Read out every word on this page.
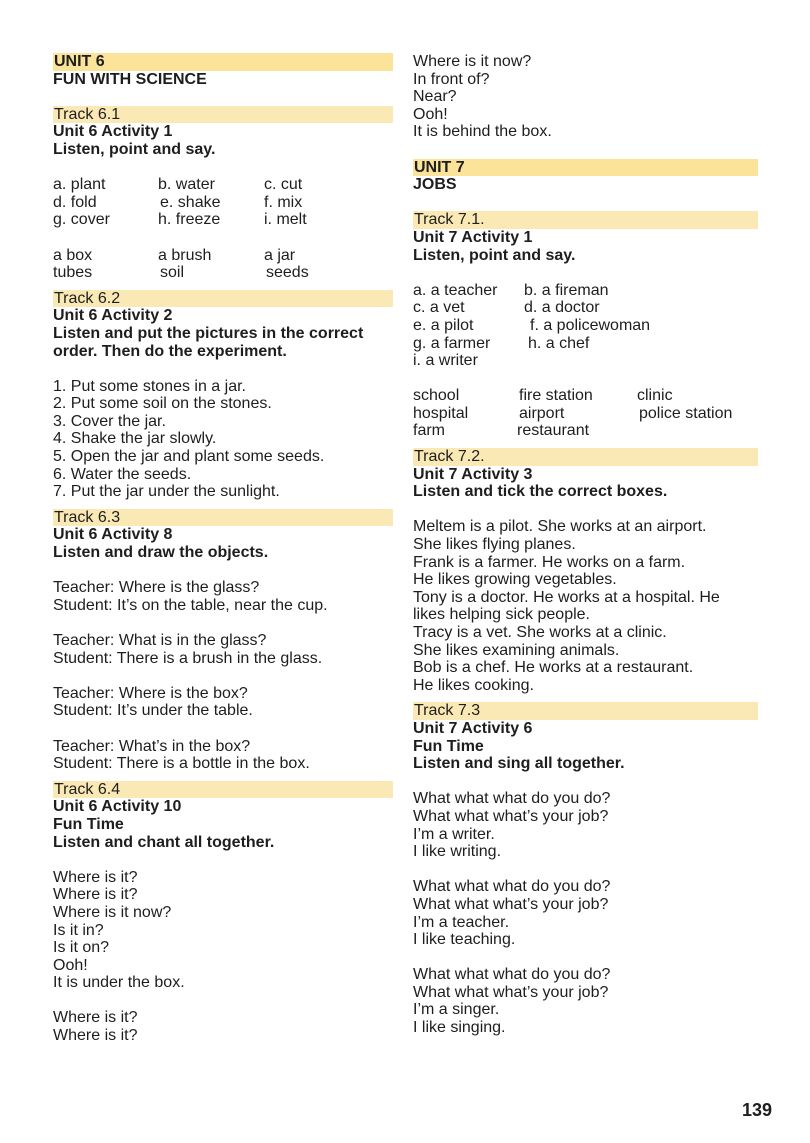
UNIT 6
FUN WITH SCIENCE
Track 6.1
Unit 6 Activity 1
Listen, point and say.
a. plant	b. water	c. cut
d. fold	e. shake	f. mix
g. cover	h. freeze	i. melt
a box	a brush	a jar
tubes	soil	seeds
Track 6.2
Unit 6 Activity 2
Listen and put the pictures in the correct
order. Then do the experiment.
1. Put some stones in a jar.
2. Put some soil on the stones.
3. Cover the jar.
4. Shake the jar slowly.
5. Open the jar and plant some seeds.
6. Water the seeds.
7. Put the jar under the sunlight.
Track 6.3
Unit 6 Activity 8
Listen and draw the objects.
Teacher: Where is the glass?
Student: It’s on the table, near the cup.
Teacher: What is in the glass?
Student: There is a brush in the glass.
Teacher: Where is the box?
Student: It’s under the table.
Teacher: What’s in the box?
Student: There is a bottle in the box.
Track 6.4
Unit 6 Activity 10
Fun Time
Listen and chant all together.
Where is it?
Where is it?
Where is it now?
Is it in?
Is it on?
Ooh!
It is under the box.
Where is it?
Where is it?
Where is it now?
In front of?
Near?
Ooh!
It is behind the box.
UNIT 7
JOBS
Track 7.1.
Unit 7 Activity 1
Listen, point and say.
a. a teacher	b. a fireman
c. a vet	d. a doctor
e. a pilot	f. a policewoman
g. a farmer	h. a chef
i. a writer
school	fire station	clinic
hospital	airport	police station
farm	restaurant
Track 7.2.
Unit 7 Activity 3
Listen and tick the correct boxes.
Meltem is a pilot. She works at an airport.
She likes flying planes.
Frank is a farmer. He works on a farm.
He likes growing vegetables.
Tony is a doctor. He works at a hospital. He
likes helping sick people.
Tracy is a vet. She works at a clinic.
She likes examining animals.
Bob is a chef. He works at a restaurant.
He likes cooking.
Track 7.3
Unit 7 Activity 6
Fun Time
Listen and sing all together.
What what what do you do?
What what what’s your job?
I’m a writer.
I like writing.
What what what do you do?
What what what’s your job?
I’m a teacher.
I like teaching.
What what what do you do?
What what what’s your job?
I’m a singer.
I like singing.
139
